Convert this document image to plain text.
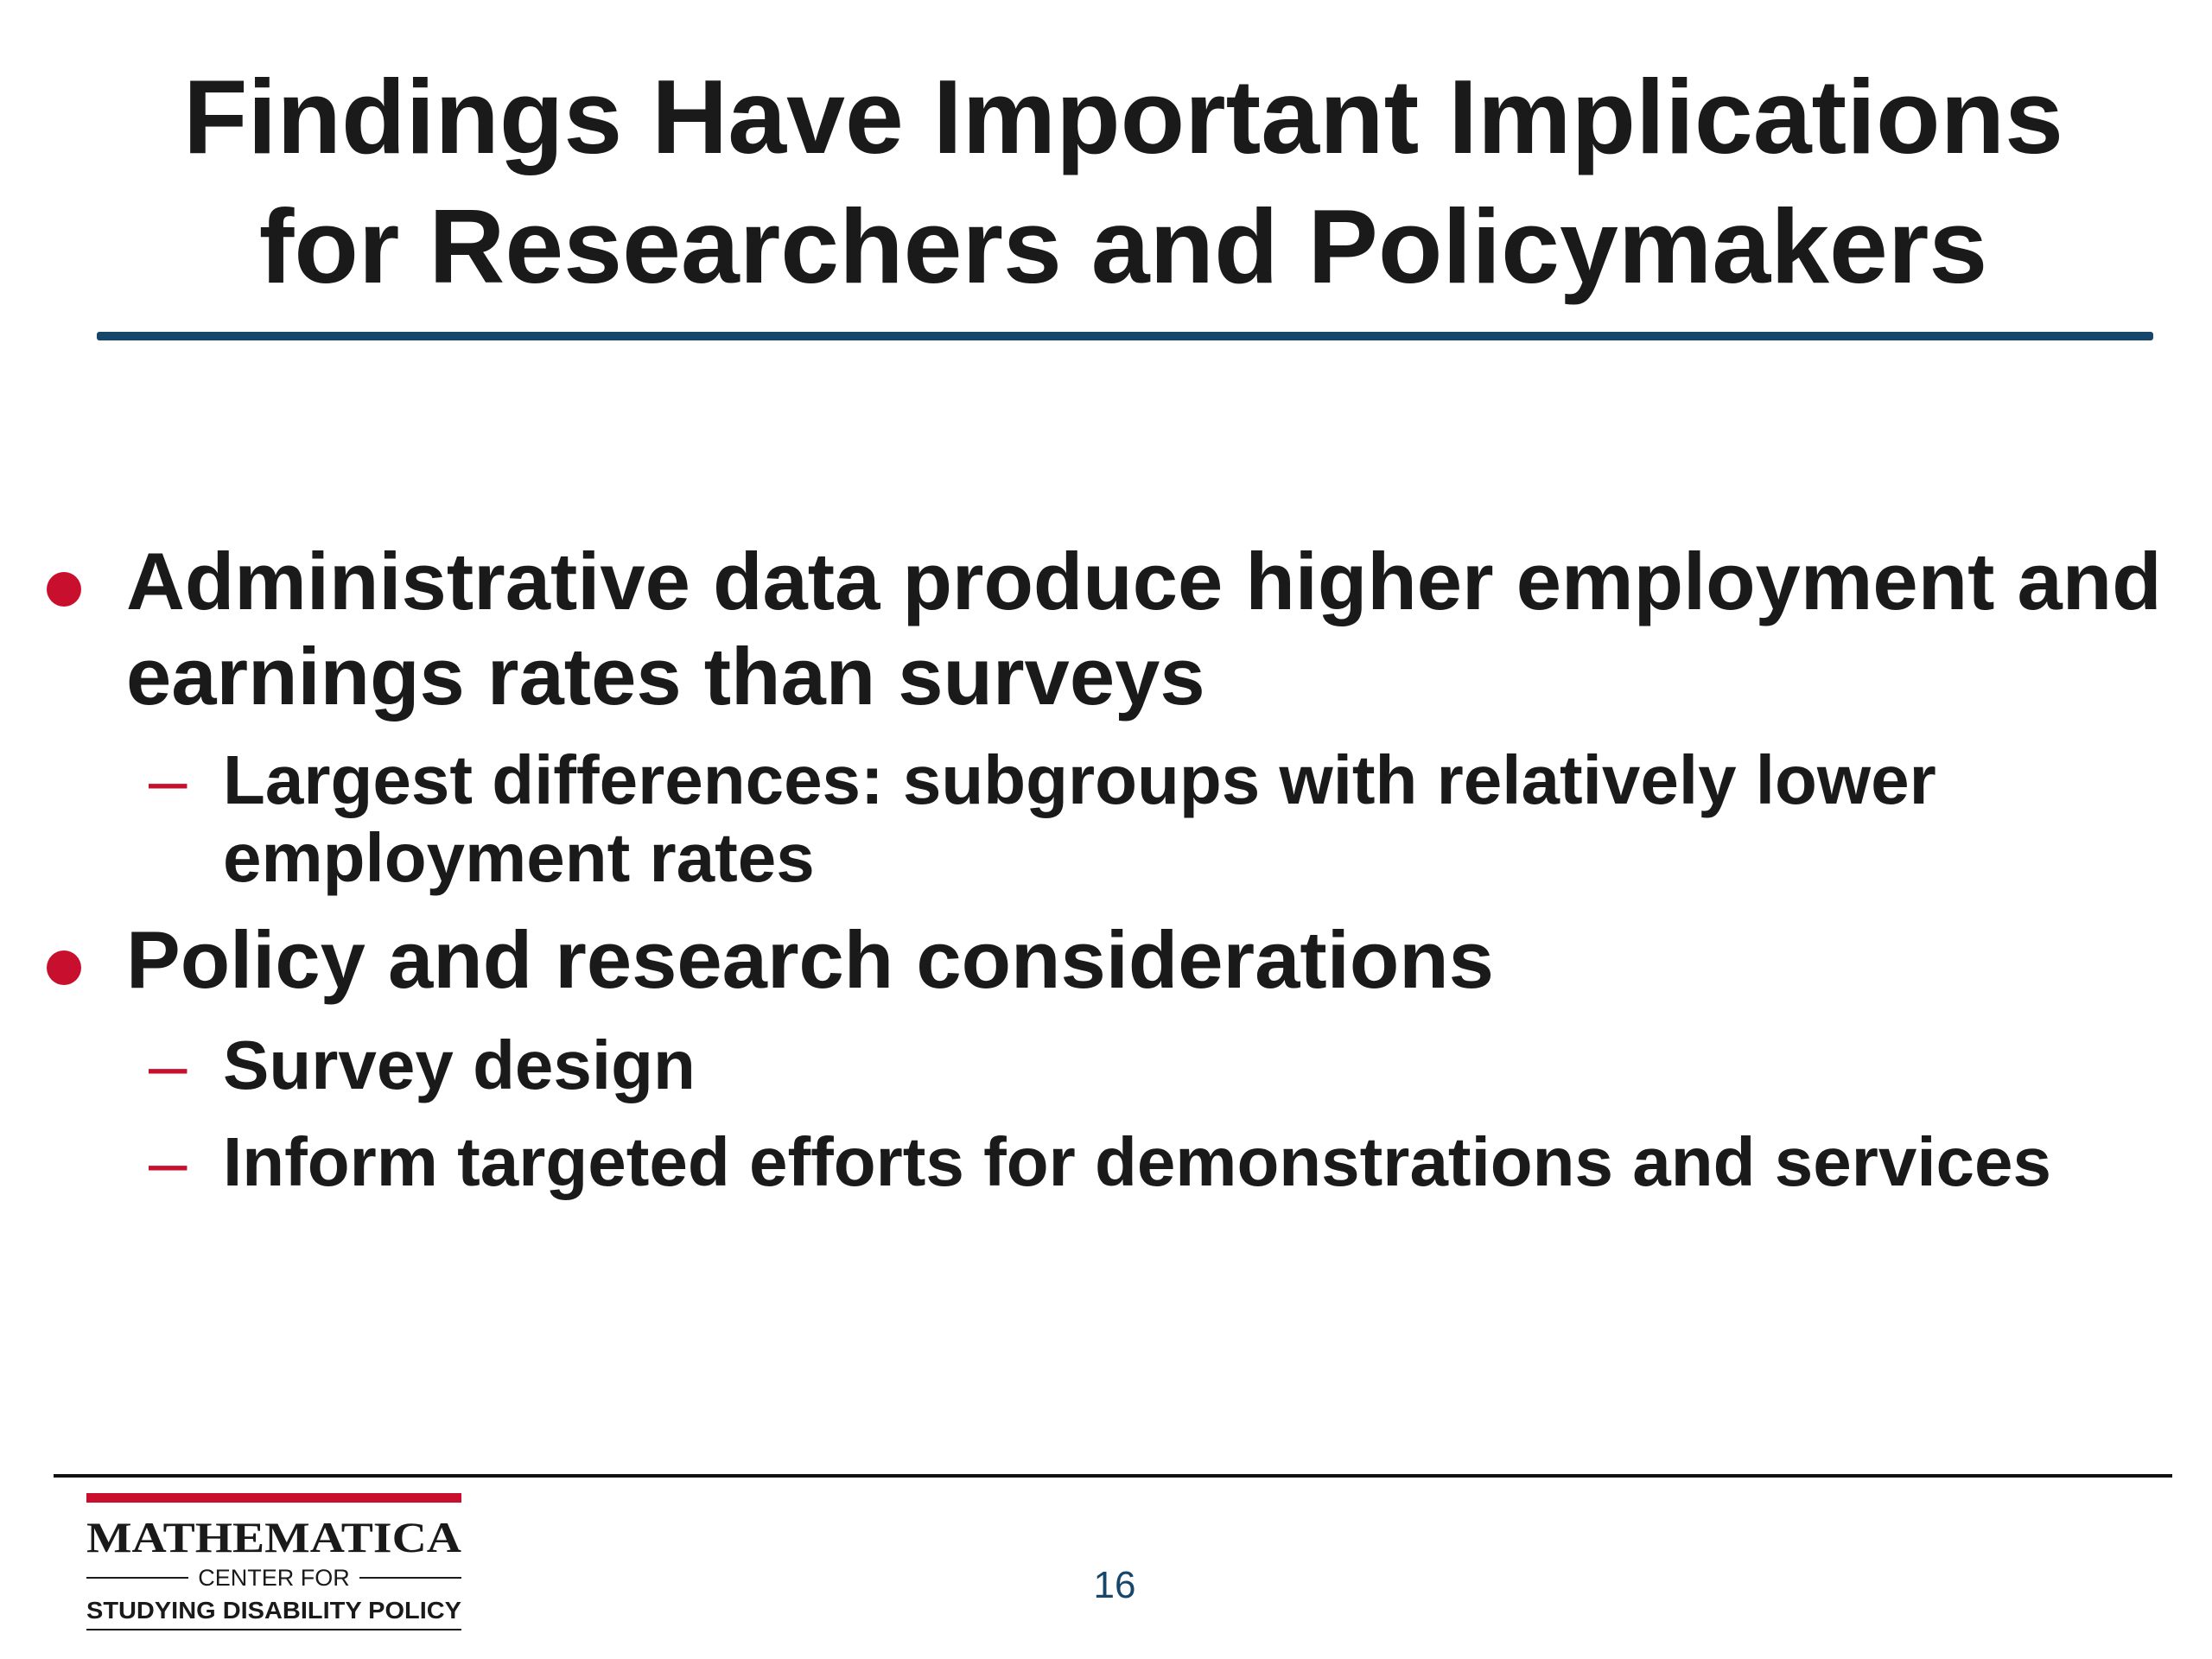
Findings Have Important Implications
for Researchers and Policymakers
Administrative data produce higher employment and earnings rates than surveys
– Largest differences: subgroups with relatively lower employment rates
Policy and research considerations
– Survey design
– Inform targeted efforts for demonstrations and services
MATHEMATICA
CENTER FOR
STUDYING DISABILITY POLICY
16
